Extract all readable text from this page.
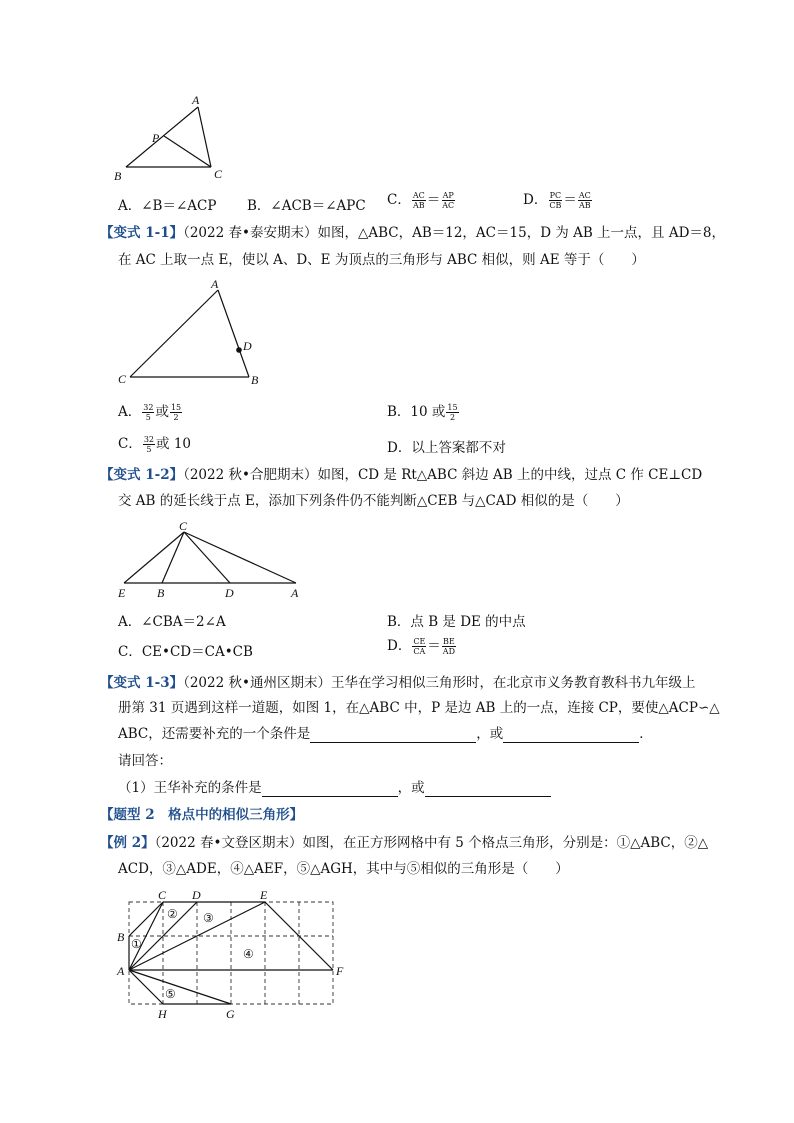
A
P
B	C
A．∠B＝∠ACP B．∠ACB＝∠APC C． $\frac{AC}{AB} = \frac{AP}{AC}$	D． $\frac{PC}{CB} = \frac{AC}{AB}$
【变式 1-1】（2022 春•泰安期末）如图，△ABC，AB＝12，AC＝15，D 为 AB 上一点，且 AD＝8，
在 AC 上取一点 E，使以 A、D、E 为顶点的三角形与 ABC 相似，则 AE 等于（　　）
A
D
C	B
A． $\frac{32}{5}$ 或 $\frac{15}{2}$	B．10 或 $\frac{15}{2}$
C． $\frac{32}{5}$ 或 10	D．以上答案都不对
【变式 1-2】（2022 秋•合肥期末）如图，CD 是 Rt△ABC 斜边 AB 上的中线，过点 C 作 CE⊥CD
交 AB 的延长线于点 E，添加下列条件仍不能判断△CEB 与△CAD 相似的是（　　）
C
E	B	D	A
A．∠CBA＝2∠A	B．点 B 是 DE 的中点
C．CE•CD＝CA•CB	D． $\frac{CE}{CA} = \frac{BE}{AD}$
【变式 1-3】（2022 秋•通州区期末）王华在学习相似三角形时，在北京市义务教育教科书九年级上
册第 31 页遇到这样一道题，如图 1，在△ABC 中，P 是边 AB 上的一点，连接 CP，要使△ACP∽△
ABC，还需要补充的一个条件是	，或	．
请回答：
（1）王华补充的条件是	，或
【题型 2　格点中的相似三角形】
【例 2】（2022 春•文登区期末）如图，在正方形网格中有 5 个格点三角形，分别是：①△ABC，②△
ACD，③△ADE，④△AEF，⑤△AGH，其中与⑤相似的三角形是（　　）
A
B
C D	E
F
G
H
①
② ③
④
⑤
